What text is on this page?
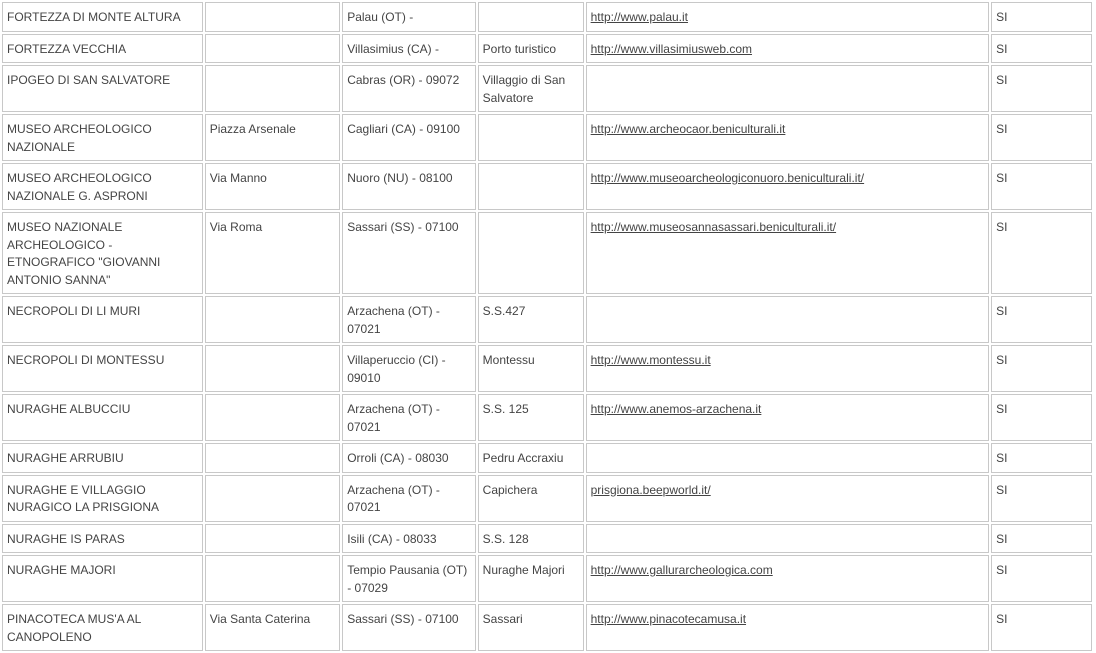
FORTEZZA DI MONTE ALTURA		Palau (OT) -		http://www.palau.it	SI
FORTEZZA VECCHIA		Villasimius (CA) -	Porto turistico	http://www.villasimiusweb.com	SI
IPOGEO DI SAN SALVATORE		Cabras (OR) - 09072	Villaggio di San Salvatore		SI
MUSEO ARCHEOLOGICO NAZIONALE	Piazza Arsenale	Cagliari (CA) - 09100		http://www.archeocaor.beniculturali.it	SI
MUSEO ARCHEOLOGICO NAZIONALE G. ASPRONI	Via Manno	Nuoro (NU) - 08100		http://www.museoarcheologiconuoro.beniculturali.it/	SI
MUSEO NAZIONALE ARCHEOLOGICO - ETNOGRAFICO "GIOVANNI ANTONIO SANNA"	Via Roma	Sassari (SS) - 07100		http://www.museosannasassari.beniculturali.it/	SI
NECROPOLI DI LI MURI		Arzachena (OT) - 07021	S.S.427		SI
NECROPOLI DI MONTESSU		Villaperuccio (CI) - 09010	Montessu	http://www.montessu.it	SI
NURAGHE ALBUCCIU		Arzachena (OT) - 07021	S.S. 125	http://www.anemos-arzachena.it	SI
NURAGHE ARRUBIU		Orroli (CA) - 08030	Pedru Accraxiu		SI
NURAGHE E VILLAGGIO NURAGICO LA PRISGIONA		Arzachena (OT) - 07021	Capichera	prisgiona.beepworld.it/	SI
NURAGHE IS PARAS		Isili (CA) - 08033	S.S. 128		SI
NURAGHE MAJORI		Tempio Pausania (OT) - 07029	Nuraghe Majori	http://www.gallurarcheologica.com	SI
PINACOTECA MUS'A AL CANOPOLENO	Via Santa Caterina	Sassari (SS) - 07100	Sassari	http://www.pinacotecamusa.it	SI
